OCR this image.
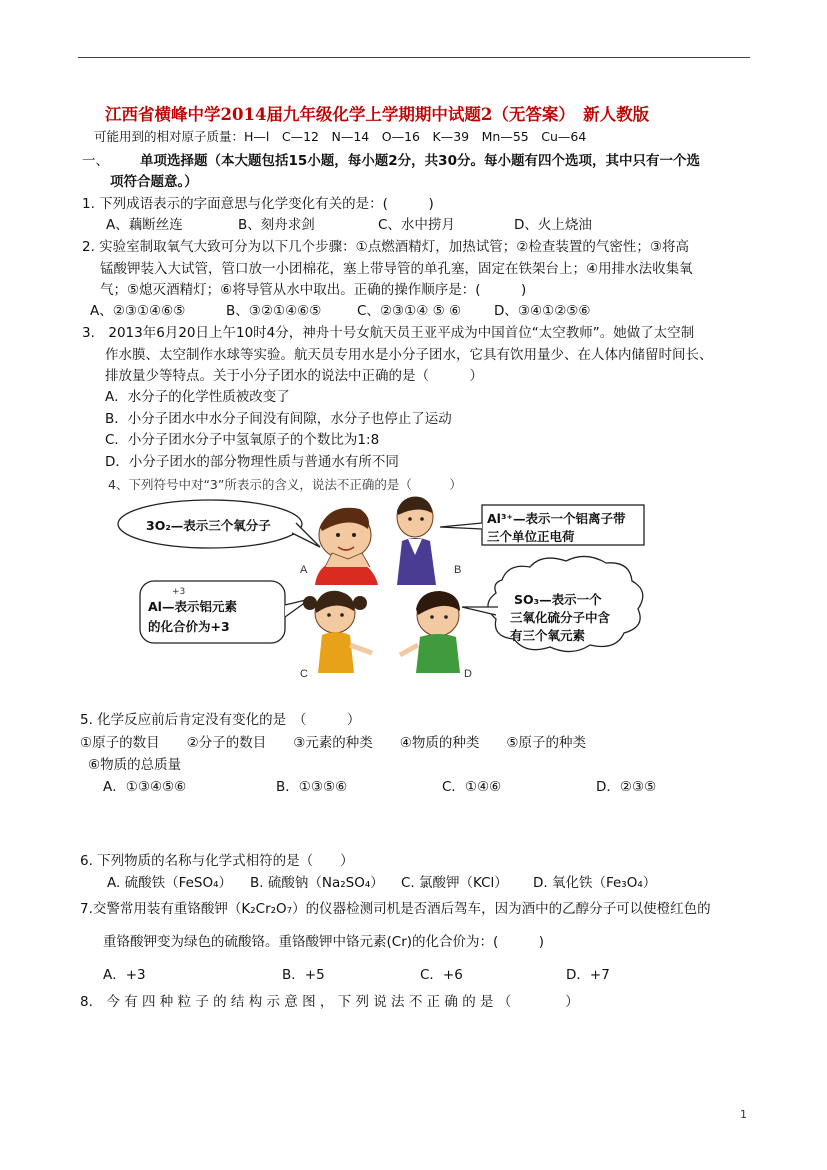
江西省横峰中学2014届九年级化学上学期期中试题2（无答案）　新人教版
可能用到的相对原子质量：H—l　C—12　N—14　O—16　K—39　Mn—55　Cu—64
一、 单项选择题（本大题包括15小题，每小题2分，共30分。每小题有四个选项，其中只有一个选
项符合题意。）
1. 下列成语表示的字面意思与化学变化有关的是：(　　　)
A、藕断丝连	B、刻舟求剑	C、水中捞月	D、火上烧油
2. 实验室制取氧气大致可分为以下几个步骤：①点燃酒精灯，加热试管；②检查装置的气密性；③将高
锰酸钾装入大试管，管口放一小团棉花，塞上带导管的单孔塞，固定在铁架台上；④用排水法收集氧
气；⑤熄灭酒精灯；⑥将导管从水中取出。正确的操作顺序是：(　　　)
A、②③①④⑥⑤	B、③②①④⑥⑤	C、②③①④ ⑤ ⑥ D、③④①②⑤⑥
3.　2013年6月20日上午10时4分，神舟十号女航天员王亚平成为中国首位“太空教师”。她做了太空制
作水膜、太空制作水球等实验。航天员专用水是小分子团水，它具有饮用量少、在人体内储留时间长、
排放量少等特点。关于小分子团水的说法中正确的是（　　　）
A．水分子的化学性质被改变了
B．小分子团水中水分子间没有间隙，水分子也停止了运动
C．小分子团水分子中氢氧原子的个数比为1:8
D．小分子团水的部分物理性质与普通水有所不同
4、下列符号中对“3”所表示的含义，说法不正确的是（　　　）
A	B
C	D
3O₂—表示三个氧分子	Al³⁺—表示一个铝离子带
三个单位正电荷
+3
Al—表示铝元素
的化合价为+3
SO₃—表示一个
三氧化硫分子中含
有三个氧元素
5. 化学反应前后肯定没有变化的是　（　　　）
①原子的数目　　②分子的数目　　③元素的种类　　④物质的种类　　⑤原子的种类
⑥物质的总质量
A．①③④⑤⑥	B．①③⑤⑥	C．①④⑥	D．②③⑤
6. 下列物质的名称与化学式相符的是（　　）
A. 硫酸铁（FeSO₄） B. 硫酸钠（Na₂SO₄） C. 氯酸钾（KCl） D. 氧化铁（Fe₃O₄）
7.交警常用装有重铬酸钾（K₂Cr₂O₇）的仪器检测司机是否酒后驾车，因为酒中的乙醇分子可以使橙红色的
重铬酸钾变为绿色的硫酸铬。重铬酸钾中铬元素(Cr)的化合价为：(　　　)
A．+3	B．+5	C．+6	D．+7
8.　今 有 四 种 粒 子 的 结 构 示 意 图 ， 下 列 说 法 不 正 确 的 是 （　　　　）
1
